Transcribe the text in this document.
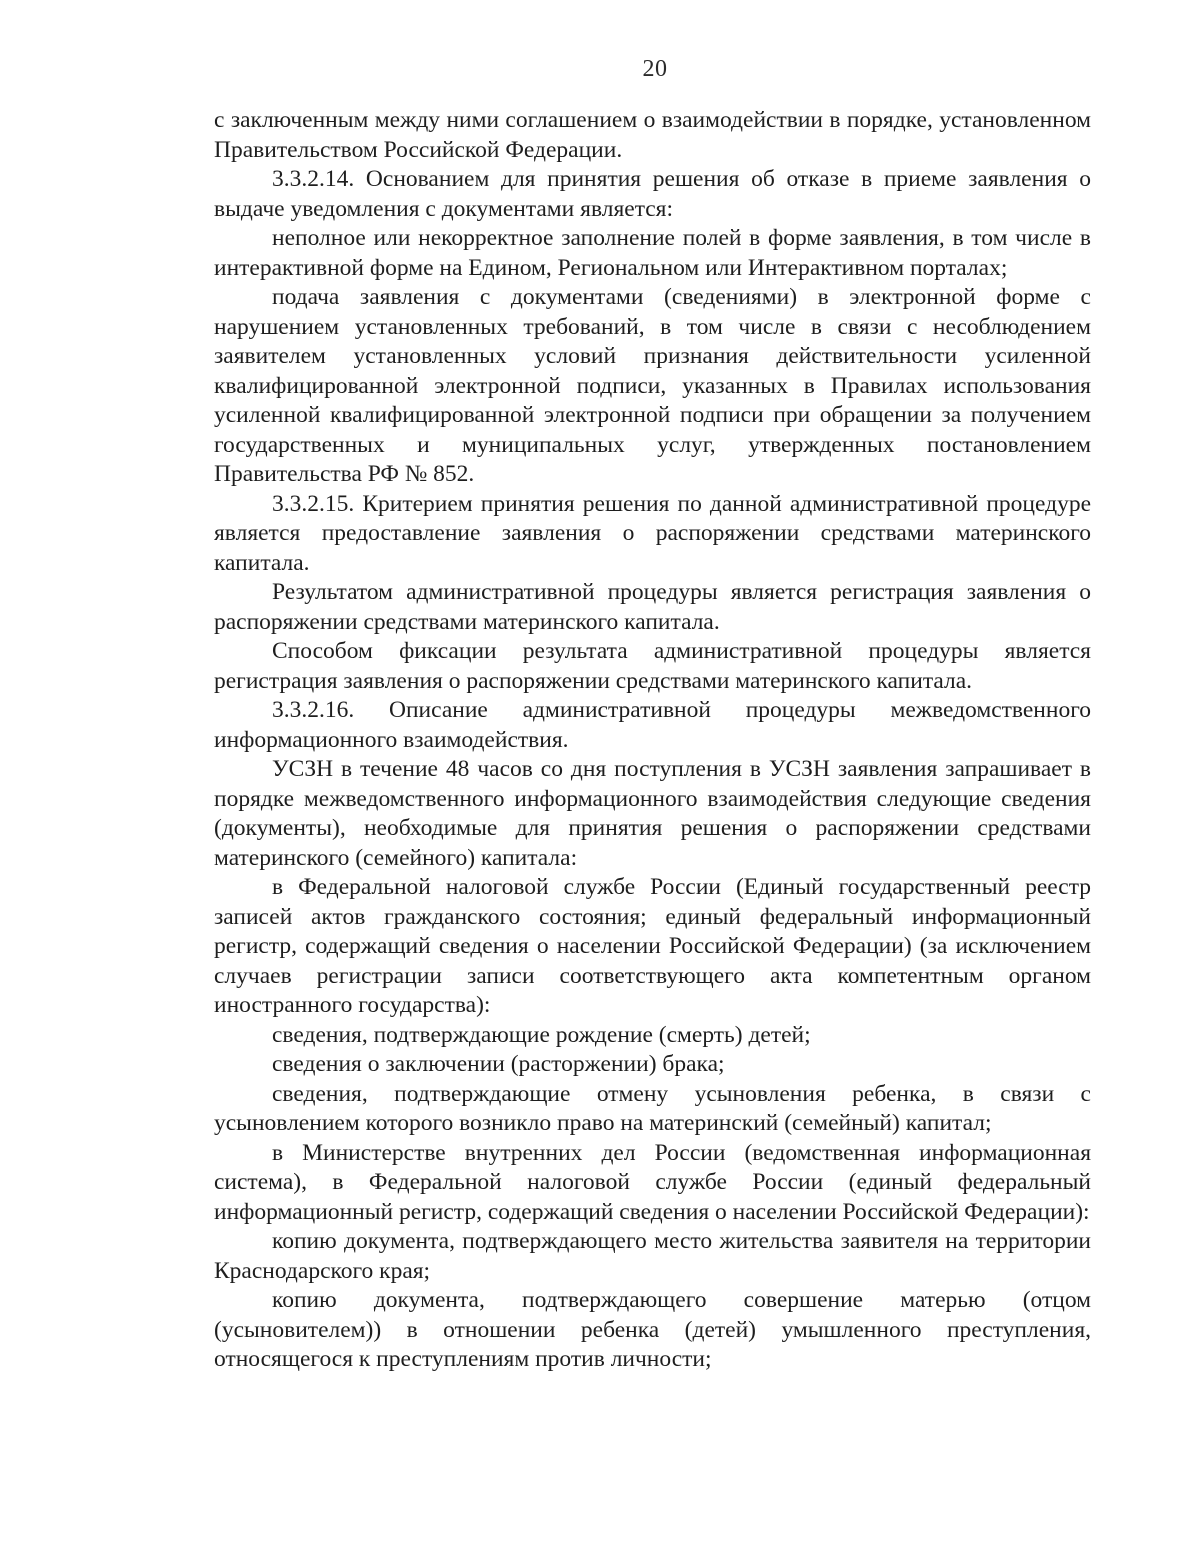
20

с заключенным между ними соглашением о взаимодействии в порядке, установленном Правительством Российской Федерации.

3.3.2.14. Основанием для принятия решения об отказе в приеме заявления о выдаче уведомления с документами является:

неполное или некорректное заполнение полей в форме заявления, в том числе в интерактивной форме на Едином, Региональном или Интерактивном порталах;

подача заявления с документами (сведениями) в электронной форме с нарушением установленных требований, в том числе в связи с несоблюдением заявителем установленных условий признания действительности усиленной квалифицированной электронной подписи, указанных в Правилах использования усиленной квалифицированной электронной подписи при обращении за получением государственных и муниципальных услуг, утвержденных постановлением Правительства РФ № 852.

3.3.2.15. Критерием принятия решения по данной административной процедуре является предоставление заявления о распоряжении средствами материнского капитала.

Результатом административной процедуры является регистрация заявления о распоряжении средствами материнского капитала.

Способом фиксации результата административной процедуры является регистрация заявления о распоряжении средствами материнского капитала.

3.3.2.16. Описание административной процедуры межведомственного информационного взаимодействия.

УСЗН в течение 48 часов со дня поступления в УСЗН заявления запрашивает в порядке межведомственного информационного взаимодействия следующие сведения (документы), необходимые для принятия решения о распоряжении средствами материнского (семейного) капитала:

в Федеральной налоговой службе России (Единый государственный реестр записей актов гражданского состояния; единый федеральный информационный регистр, содержащий сведения о населении Российской Федерации) (за исключением случаев регистрации записи соответствующего акта компетентным органом иностранного государства):

сведения, подтверждающие рождение (смерть) детей;

сведения о заключении (расторжении) брака;

сведения, подтверждающие отмену усыновления ребенка, в связи с усыновлением которого возникло право на материнский (семейный) капитал;

в Министерстве внутренних дел России (ведомственная информационная система), в Федеральной налоговой службе России (единый федеральный информационный регистр, содержащий сведения о населении Российской Федерации):

копию документа, подтверждающего место жительства заявителя на территории Краснодарского края;

копию документа, подтверждающего совершение матерью (отцом (усыновителем)) в отношении ребенка (детей) умышленного преступления, относящегося к преступлениям против личности;
